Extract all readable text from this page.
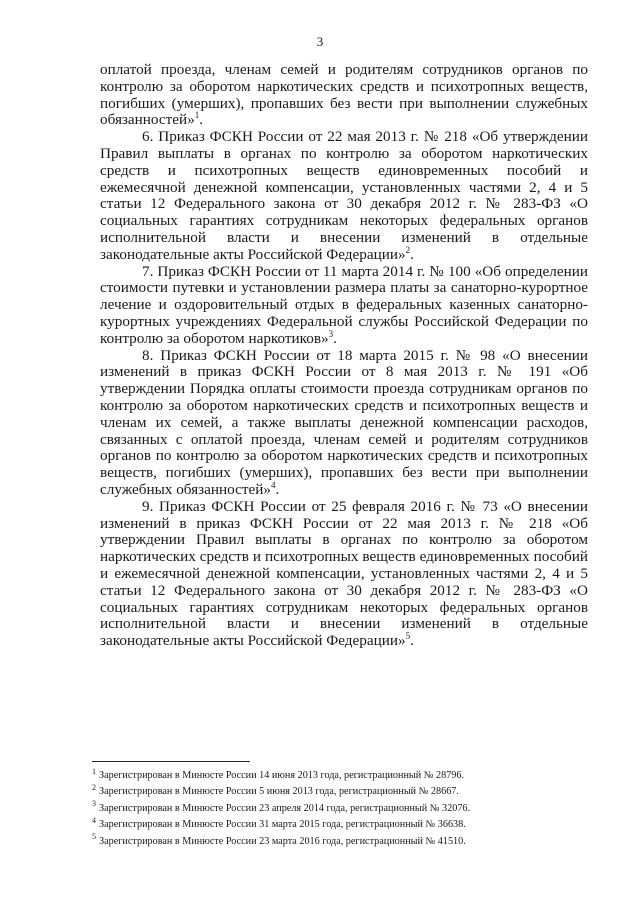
3

оплатой проезда, членам семей и родителям сотрудников органов по контролю за оборотом наркотических средств и психотропных веществ, погибших (умерших), пропавших без вести при выполнении служебных обязанностей»$^1$.

6. Приказ ФСКН России от 22 мая 2013 г. № 218 «Об утверждении Правил выплаты в органах по контролю за оборотом наркотических средств и психотропных веществ единовременных пособий и ежемесячной денежной компенсации, установленных частями 2, 4 и 5 статьи 12 Федерального закона от 30 декабря 2012 г. № 283-ФЗ «О социальных гарантиях сотрудникам некоторых федеральных органов исполнительной власти и внесении изменений в отдельные законодательные акты Российской Федерации»$^2$.

7. Приказ ФСКН России от 11 марта 2014 г. № 100 «Об определении стоимости путевки и установлении размера платы за санаторно-курортное лечение и оздоровительный отдых в федеральных казенных санаторно-курортных учреждениях Федеральной службы Российской Федерации по контролю за оборотом наркотиков»$^3$.

8. Приказ ФСКН России от 18 марта 2015 г. № 98 «О внесении изменений в приказ ФСКН России от 8 мая 2013 г. № 191 «Об утверждении Порядка оплаты стоимости проезда сотрудникам органов по контролю за оборотом наркотических средств и психотропных веществ и членам их семей, а также выплаты денежной компенсации расходов, связанных с оплатой проезда, членам семей и родителям сотрудников органов по контролю за оборотом наркотических средств и психотропных веществ, погибших (умерших), пропавших без вести при выполнении служебных обязанностей»$^4$.

9. Приказ ФСКН России от 25 февраля 2016 г. № 73 «О внесении изменений в приказ ФСКН России от 22 мая 2013 г. № 218 «Об утверждении Правил выплаты в органах по контролю за оборотом наркотических средств и психотропных веществ единовременных пособий и ежемесячной денежной компенсации, установленных частями 2, 4 и 5 статьи 12 Федерального закона от 30 декабря 2012 г. № 283-ФЗ «О социальных гарантиях сотрудникам некоторых федеральных органов исполнительной власти и внесении изменений в отдельные законодательные акты Российской Федерации»$^5$.

$^1$ Зарегистрирован в Минюсте России 14 июня 2013 года, регистрационный № 28796.
$^2$ Зарегистрирован в Минюсте России 5 июня 2013 года, регистрационный № 28667.
$^3$ Зарегистрирован в Минюсте России 23 апреля 2014 года, регистрационный № 32076.
$^4$ Зарегистрирован в Минюсте России 31 марта 2015 года, регистрационный № 36638.
$^5$ Зарегистрирован в Минюсте России 23 марта 2016 года, регистрационный № 41510.
